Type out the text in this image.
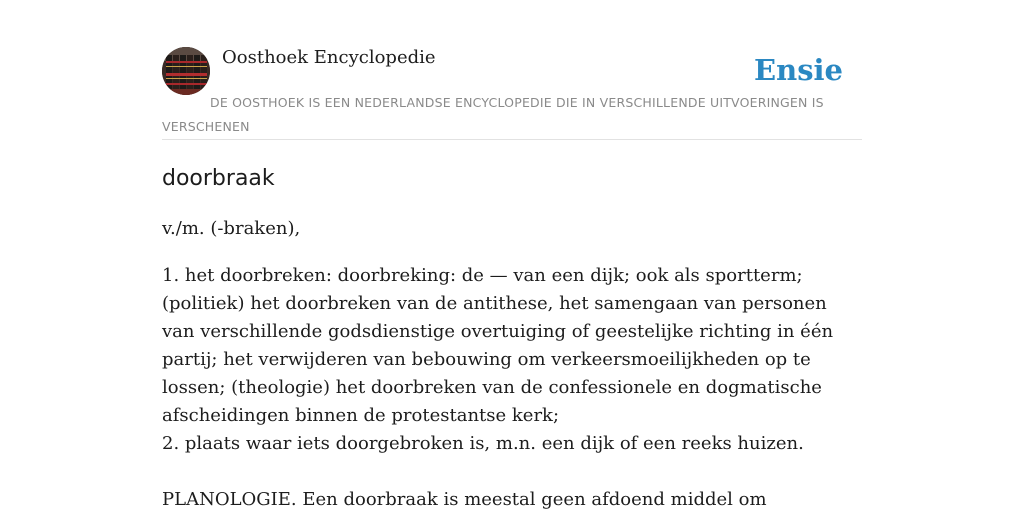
Oosthoek Encyclopedie	Ensie
DE OOSTHOEK IS EEN NEDERLANDSE ENCYCLOPEDIE DIE IN VERSCHILLENDE UITVOERINGEN IS VERSCHENEN
doorbraak

v./m. (-braken),

1. het doorbreken: doorbreking: de — van een dijk; ook als sportterm; (politiek) het doorbreken van de antithese, het samengaan van personen van verschillende godsdienstige overtuiging of geestelijke richting in één partij; het verwijderen van bebouwing om verkeersmoeilijkheden op te lossen; (theologie) het doorbreken van de confessionele en dogmatische afscheidingen binnen de protestantse kerk;

2. plaats waar iets doorgebroken is, m.n. een dijk of een reeks huizen.

PLANOLOGIE. Een doorbraak is meestal geen afdoend middel om
